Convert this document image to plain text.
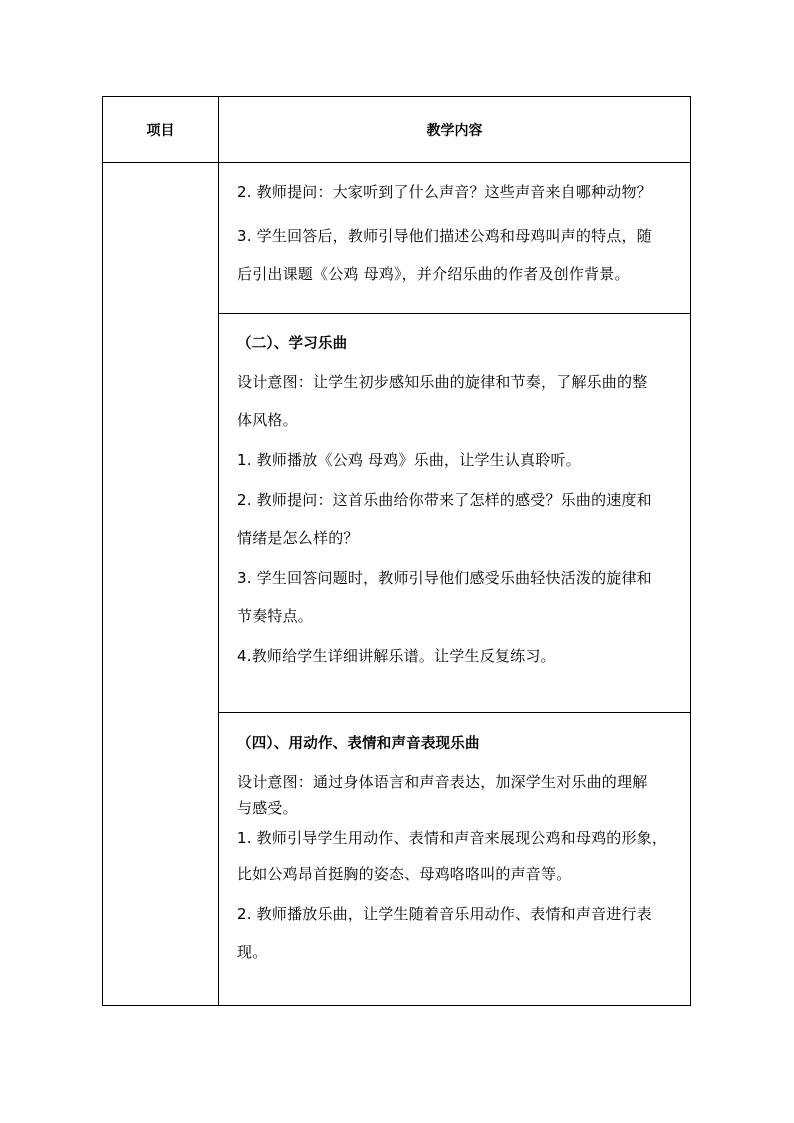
项目	教学内容

2. 教师提问：大家听到了什么声音？这些声音来自哪种动物？

3. 学生回答后，教师引导他们描述公鸡和母鸡叫声的特点，随

后引出课题《公鸡 母鸡》，并介绍乐曲的作者及创作背景。

（二）、学习乐曲

设计意图：让学生初步感知乐曲的旋律和节奏，了解乐曲的整

体风格。

1. 教师播放《公鸡 母鸡》乐曲，让学生认真聆听。

2. 教师提问：这首乐曲给你带来了怎样的感受？乐曲的速度和

情绪是怎么样的？

3. 学生回答问题时，教师引导他们感受乐曲轻快活泼的旋律和

节奏特点。

4.教师给学生详细讲解乐谱。让学生反复练习。

（四）、用动作、表情和声音表现乐曲

设计意图：通过身体语言和声音表达，加深学生对乐曲的理解

与感受。

1. 教师引导学生用动作、表情和声音来展现公鸡和母鸡的形象，

比如公鸡昂首挺胸的姿态、母鸡咯咯叫的声音等。

2. 教师播放乐曲，让学生随着音乐用动作、表情和声音进行表

现。
